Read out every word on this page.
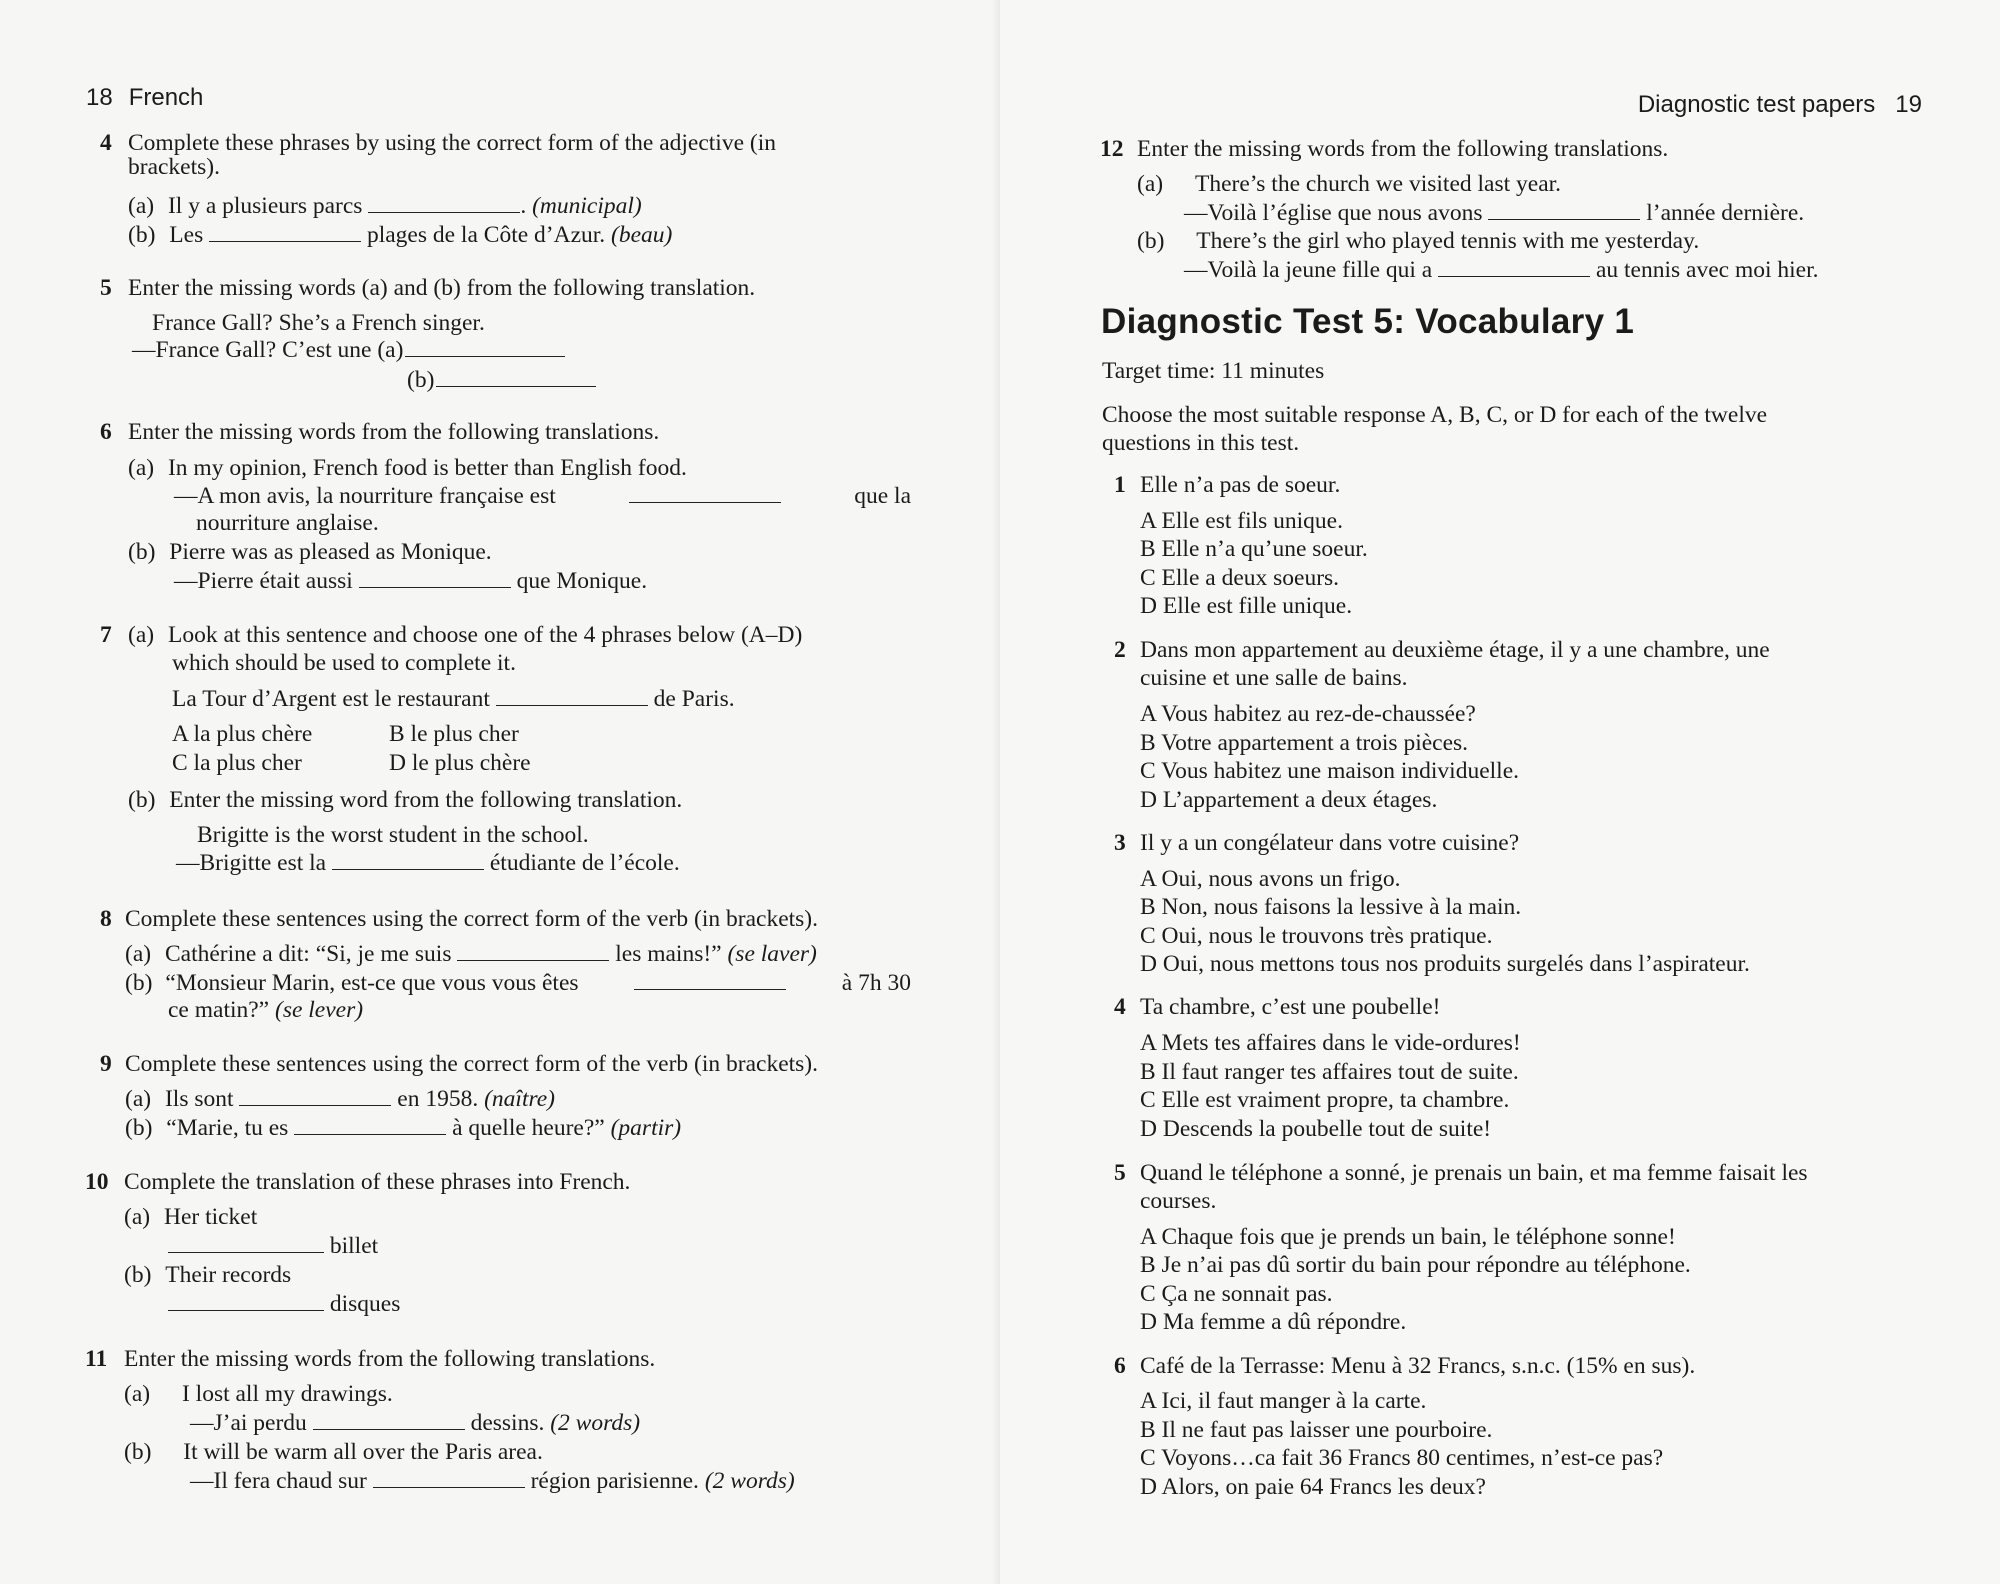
18 French
4 Complete these phrases by using the correct form of the adjective (in
brackets).
(a) Il y a plusieurs parcs	. (municipal)
(b) Les	plages de la Côte d’Azur. (beau)
5 Enter the missing words (a) and (b) from the following translation.
France Gall? She’s a French singer.
—France Gall? C’est une (a)
(b)
6 Enter the missing words from the following translations.
(a) In my opinion, French food is better than English food.
—A mon avis, la nourriture française est	que la
nourriture anglaise.
(b) Pierre was as pleased as Monique.
—Pierre était aussi	que Monique.
7 (a) Look at this sentence and choose one of the 4 phrases below (A–D)
which should be used to complete it.
La Tour d’Argent est le restaurant	de Paris.
A la plus chère	B le plus cher
C la plus cher	D le plus chère
(b) Enter the missing word from the following translation.
Brigitte is the worst student in the school.
—Brigitte est la	étudiante de l’école.
8 Complete these sentences using the correct form of the verb (in brackets).
(a) Cathérine a dit: “Si, je me suis	les mains!” (se laver)
(b) “Monsieur Marin, est-ce que vous vous êtes	à 7h 30
ce matin?” (se lever)
9 Complete these sentences using the correct form of the verb (in brackets).
(a) Ils sont	en 1958. (naître)
(b) “Marie, tu es	à quelle heure?” (partir)
10 Complete the translation of these phrases into French.
(a) Her ticket
billet
(b) Their records
disques
11 Enter the missing words from the following translations.
(a) I lost all my drawings.
—J’ai perdu	dessins. (2 words)
(b) It will be warm all over the Paris area.
—Il fera chaud sur	région parisienne. (2 words)
Diagnostic test papers 19
12 Enter the missing words from the following translations.
(a) There’s the church we visited last year.
—Voilà l’église que nous avons	l’année dernière.
(b) There’s the girl who played tennis with me yesterday.
—Voilà la jeune fille qui a	au tennis avec moi hier.
Diagnostic Test 5: Vocabulary 1
Target time: 11 minutes
Choose the most suitable response A, B, C, or D for each of the twelve
questions in this test.
1 Elle n’a pas de soeur.
A Elle est fils unique.
B Elle n’a qu’une soeur.
C Elle a deux soeurs.
D Elle est fille unique.
2 Dans mon appartement au deuxième étage, il y a une chambre, une
cuisine et une salle de bains.
A Vous habitez au rez-de-chaussée?
B Votre appartement a trois pièces.
C Vous habitez une maison individuelle.
D L’appartement a deux étages.
3 Il y a un congélateur dans votre cuisine?
A Oui, nous avons un frigo.
B Non, nous faisons la lessive à la main.
C Oui, nous le trouvons très pratique.
D Oui, nous mettons tous nos produits surgelés dans l’aspirateur.
4 Ta chambre, c’est une poubelle!
A Mets tes affaires dans le vide-ordures!
B Il faut ranger tes affaires tout de suite.
C Elle est vraiment propre, ta chambre.
D Descends la poubelle tout de suite!
5 Quand le téléphone a sonné, je prenais un bain, et ma femme faisait les
courses.
A Chaque fois que je prends un bain, le téléphone sonne!
B Je n’ai pas dû sortir du bain pour répondre au téléphone.
C Ça ne sonnait pas.
D Ma femme a dû répondre.
6 Café de la Terrasse: Menu à 32 Francs, s.n.c. (15% en sus).
A Ici, il faut manger à la carte.
B Il ne faut pas laisser une pourboire.
C Voyons…ca fait 36 Francs 80 centimes, n’est-ce pas?
D Alors, on paie 64 Francs les deux?
